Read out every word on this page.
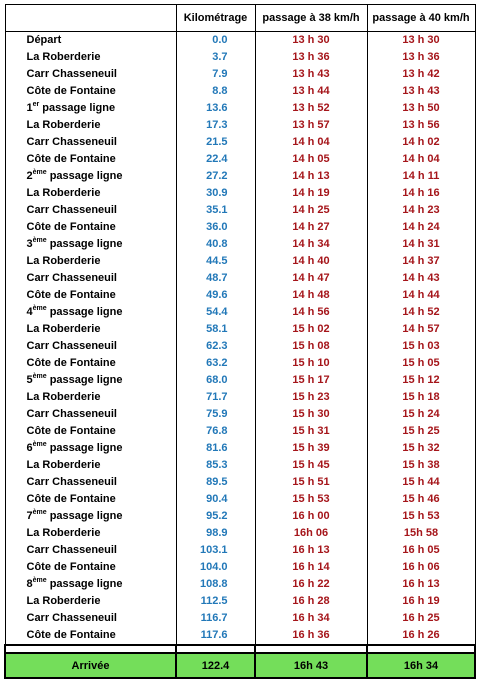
	Kilométrage	passage à 38 km/h	passage à 40 km/h
Départ	0.0	13 h 30	13 h 30
La Roberderie	3.7	13 h 36	13 h 36
Carr Chasseneuil	7.9	13 h 43	13 h 42
Côte de Fontaine	8.8	13 h 44	13 h 43
1er passage ligne	13.6	13 h 52	13 h 50
La Roberderie	17.3	13 h 57	13 h 56
Carr Chasseneuil	21.5	14 h 04	14 h 02
Côte de Fontaine	22.4	14 h 05	14 h 04
2ème passage ligne	27.2	14 h 13	14 h 11
La Roberderie	30.9	14 h 19	14 h 16
Carr Chasseneuil	35.1	14 h 25	14 h 23
Côte de Fontaine	36.0	14 h 27	14 h 24
3ème passage ligne	40.8	14 h 34	14 h 31
La Roberderie	44.5	14 h 40	14 h 37
Carr Chasseneuil	48.7	14 h 47	14 h 43
Côte de Fontaine	49.6	14 h 48	14 h 44
4ème passage ligne	54.4	14 h 56	14 h 52
La Roberderie	58.1	15 h 02	14 h 57
Carr Chasseneuil	62.3	15 h 08	15 h 03
Côte de Fontaine	63.2	15 h 10	15 h 05
5ème passage ligne	68.0	15 h 17	15 h 12
La Roberderie	71.7	15 h 23	15 h 18
Carr Chasseneuil	75.9	15 h 30	15 h 24
Côte de Fontaine	76.8	15 h 31	15 h 25
6ème passage ligne	81.6	15 h 39	15 h 32
La Roberderie	85.3	15 h 45	15 h 38
Carr Chasseneuil	89.5	15 h 51	15 h 44
Côte de Fontaine	90.4	15 h 53	15 h 46
7ème passage ligne	95.2	16 h 00	15 h 53
La Roberderie	98.9	16h 06	15h 58
Carr Chasseneuil	103.1	16 h 13	16 h 05
Côte de Fontaine	104.0	16 h 14	16 h 06
8ème passage ligne	108.8	16 h 22	16 h 13
La Roberderie	112.5	16 h 28	16 h 19
Carr Chasseneuil	116.7	16 h 34	16 h 25
Côte de Fontaine	117.6	16 h 36	16 h 26

Arrivée	122.4	16h 43	16h 34
